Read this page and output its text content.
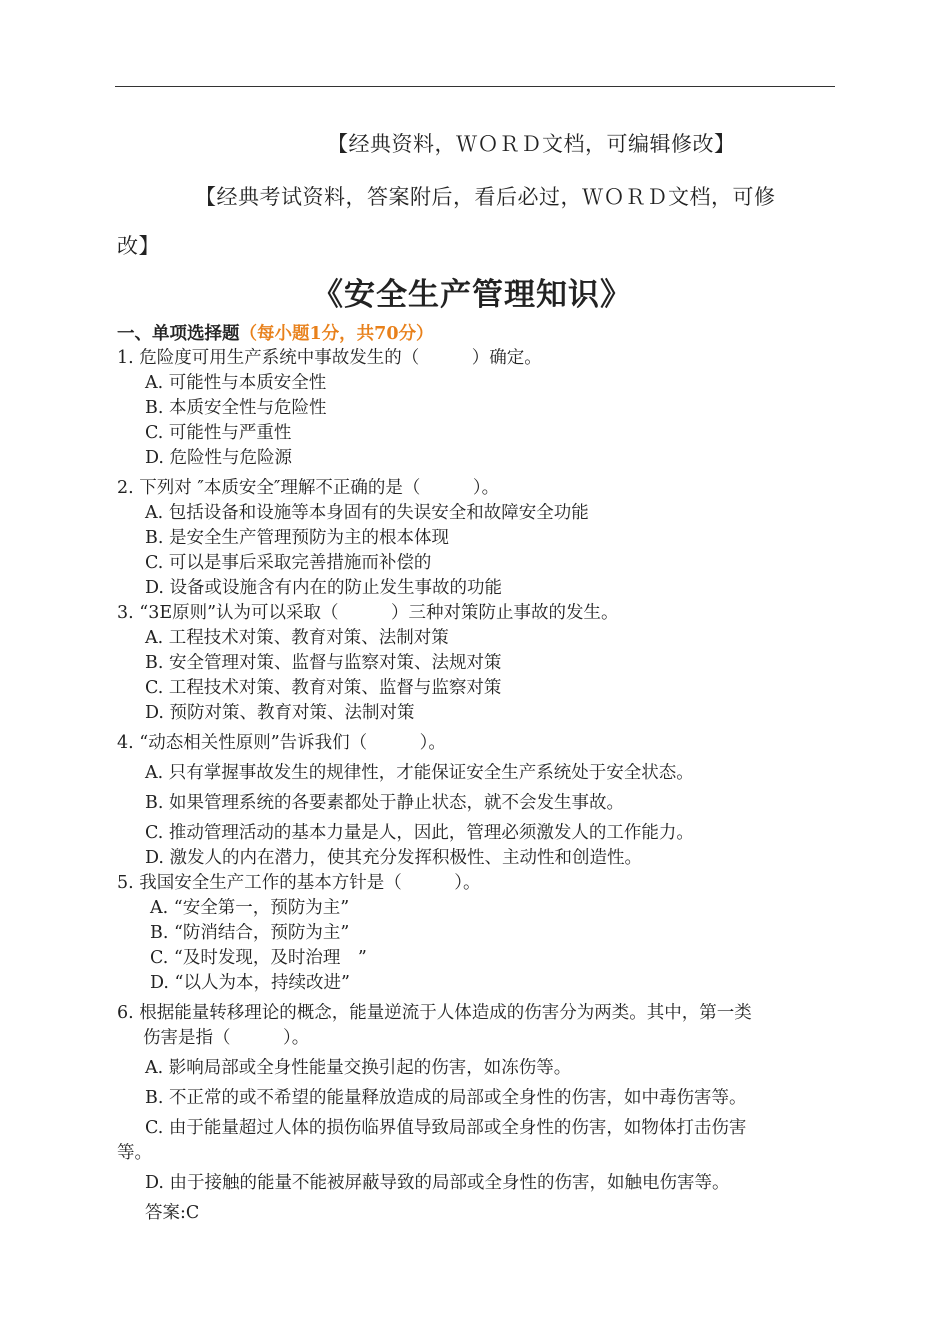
【经典资料，ＷＯＲＤ文档，可编辑修改】
【经典考试资料，答案附后，看后必过，ＷＯＲＤ文档，可修
改】
《安全生产管理知识》
一、单项选择题（每小题1分，共70分）
1. 危险度可用生产系统中事故发生的（　　　）确定。
A. 可能性与本质安全性
B. 本质安全性与危险性
C. 可能性与严重性
D. 危险性与危险源
2. 下列对 ″本质安全″理解不正确的是（　　　）。
A. 包括设备和设施等本身固有的失误安全和故障安全功能
B. 是安全生产管理预防为主的根本体现
C. 可以是事后采取完善措施而补偿的
D. 设备或设施含有内在的防止发生事故的功能
3. “3E原则”认为可以采取（　　　）三种对策防止事故的发生。
A. 工程技术对策、教育对策、法制对策
B. 安全管理对策、监督与监察对策、法规对策
C. 工程技术对策、教育对策、监督与监察对策
D. 预防对策、教育对策、法制对策
4. “动态相关性原则”告诉我们（　　　）。
A. 只有掌握事故发生的规律性，才能保证安全生产系统处于安全状态。
B. 如果管理系统的各要素都处于静止状态，就不会发生事故。
C. 推动管理活动的基本力量是人，因此，管理必须激发人的工作能力。
D. 激发人的内在潜力，使其充分发挥积极性、主动性和创造性。
5. 我国安全生产工作的基本方针是（　　　）。
A. “安全第一，预防为主”
B. “防消结合，预防为主”
C. “及时发现，及时治理　”
D. “以人为本，持续改进”
6. 根据能量转移理论的概念，能量逆流于人体造成的伤害分为两类。其中，第一类
伤害是指（　　　）。
A. 影响局部或全身性能量交换引起的伤害，如冻伤等。
B. 不正常的或不希望的能量释放造成的局部或全身性的伤害，如中毒伤害等。
C. 由于能量超过人体的损伤临界值导致局部或全身性的伤害，如物体打击伤害
等。
D. 由于接触的能量不能被屏蔽导致的局部或全身性的伤害，如触电伤害等。
答案:C
